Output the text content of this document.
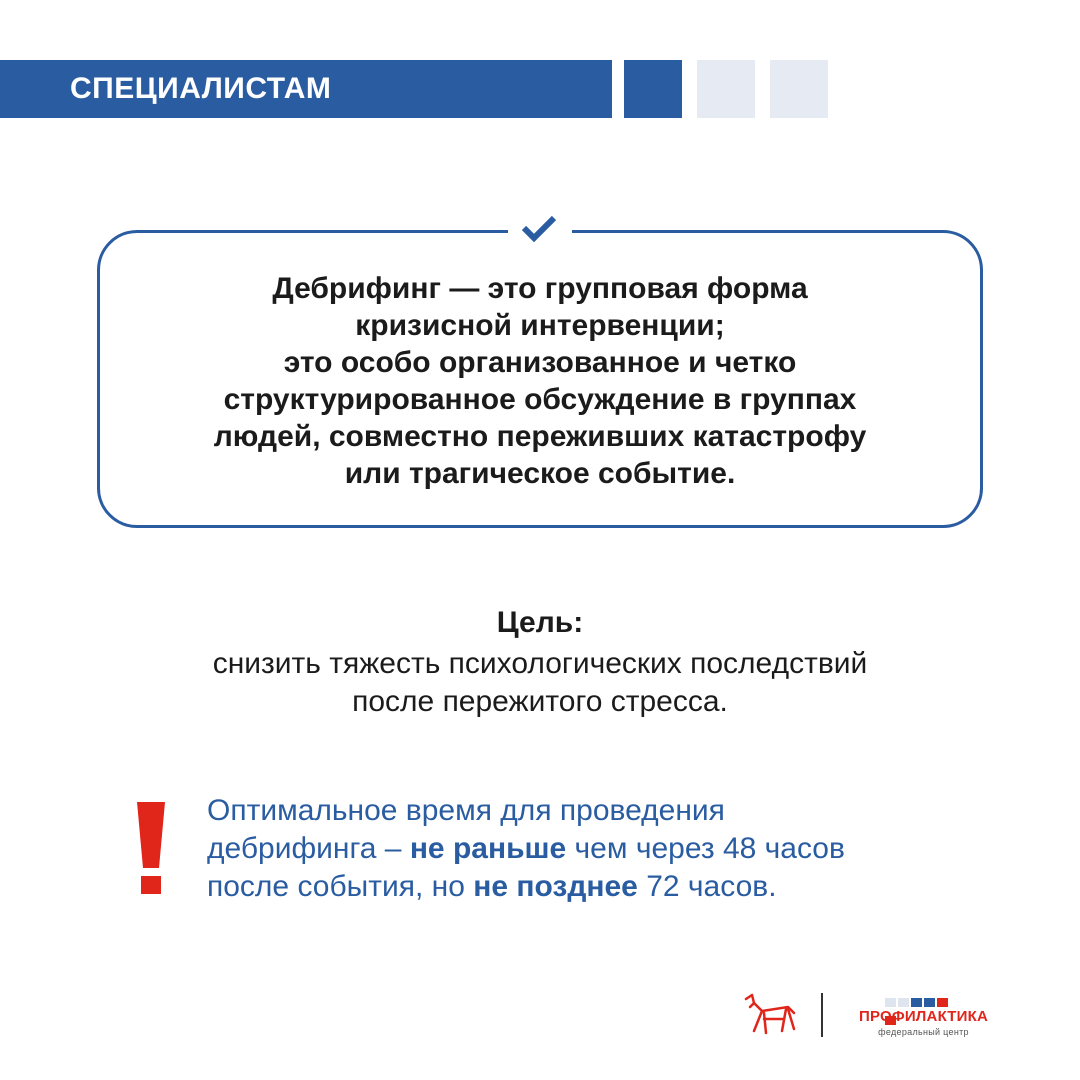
СПЕЦИАЛИСТАМ
Дебрифинг — это групповая форма
кризисной интервенции;
это особо организованное и четко
структурированное обсуждение в группах
людей, совместно переживших катастрофу
или трагическое событие.
Цель:
снизить тяжесть психологических последствий
после пережитого стресса.
Оптимальное время для проведения
дебрифинга – не раньше чем через 48 часов
после события, но не позднее 72 часов.
ПРОФИЛАКТИКА
федеральный центр
